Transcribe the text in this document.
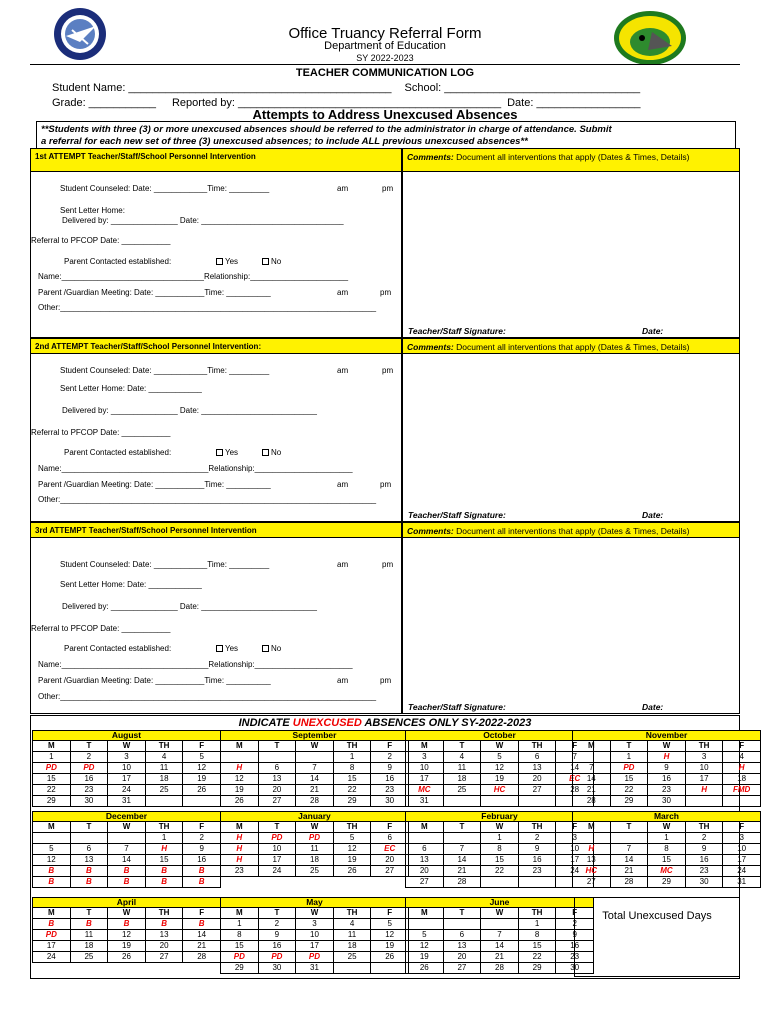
Office Truancy Referral Form
Department of Education
SY 2022-2023
TEACHER COMMUNICATION LOG
Student Name: ___________________________________________ School: ________________________________
Grade: ___________ Reported by: ___________________________________________ Date: _________________
Attempts to Address Unexcused Absences
**Students with three (3) or more unexcused absences should be referred to the administrator in charge of attendance. Submit
a referral for each new set of three (3) unexcused absences; to include ALL previous unexcused absences**
1st ATTEMPT Teacher/Staff/School Personnel Intervention	Comments: Document all interventions that apply (Dates & Times, Details)
Student Counseled: Date: ____________Time: _________	am	pm
Sent Letter Home:
Delivered by: _______________ Date: ________________________________
Referral to PFCOP Date: ___________
Parent Contacted established:	Yes	No
Name:________________________________Relationship:______________________
Parent /Guardian Meeting: Date: ___________Time: __________	am	pm
Other:_______________________________________________________________________
Teacher/Staff Signature:	Date:
2nd ATTEMPT Teacher/Staff/School Personnel Intervention:	Comments: Document all interventions that apply (Dates & Times, Details)
Student Counseled: Date: ____________Time: _________	am	pm
Sent Letter Home: Date: ____________
Delivered by: _______________ Date: __________________________
Referral to PFCOP Date: ___________
Parent Contacted established:	Yes	No
Name:_________________________________Relationship:______________________
Parent /Guardian Meeting: Date: ___________Time: __________	am	pm
Other:_______________________________________________________________________
Teacher/Staff Signature:	Date:
3rd ATTEMPT Teacher/Staff/School Personnel Intervention	Comments: Document all interventions that apply (Dates & Times, Details)
Student Counseled: Date: ____________Time: _________	am	pm
Sent Letter Home: Date: ____________
Delivered by: _______________ Date: __________________________
Referral to PFCOP Date: ___________
Parent Contacted established:	Yes	No
Name:_________________________________Relationship:______________________
Parent /Guardian Meeting: Date: ___________Time: __________	am	pm
Other:_______________________________________________________________________
Teacher/Staff Signature:	Date:
INDICATE UNEXCUSED ABSENCES ONLY SY-2022-2023
August				
M	T	W	TH	F
1	2	3	4	5
PD	PD	10	11	12
15	16	17	18	19
22	23	24	25	26
29	30	31		
September				
M	T	W	TH	F
			1	2
H	6	7	8	9
12	13	14	15	16
19	20	21	22	23
26	27	28	29	30
October				
M	T	W	TH	F
3	4	5	6	7
10	11	12	13	14
17	18	19	20	EC
MC	25	HC	27	28
31				
November				
M	T	W	TH	F
	1	H	3	4
7	PD	9	10	H
14	15	16	17	18
21	22	23	H	FMD
28	29	30		
December				
M	T	W	TH	F
			1	2
5	6	7	H	9
12	13	14	15	16
B	B	B	B	B
B	B	B	B	B
January				
M	T	W	TH	F
H	PD	PD	5	6
H	10	11	12	EC
H	17	18	19	20
23	24	25	26	27
February				
M	T	W	TH	F
		1	2	3
6	7	8	9	10
13	14	15	16	17
20	21	22	23	24
27	28			
March				
M	T	W	TH	F
		1	2	3
H	7	8	9	10
13	14	15	16	17
HC	21	MC	23	24
27	28	29	30	31
April				
M	T	W	TH	F
B	B	B	B	B
PD	11	12	13	14
17	18	19	20	21
24	25	26	27	28
May				
M	T	W	TH	F
1	2	3	4	5
8	9	10	11	12
15	16	17	18	19
PD	PD	PD	25	26
29	30	31		
June				
M	T	W	TH	F
			1	2
5	6	7	8	9
12	13	14	15	16
19	20	21	22	23
26	27	28	29	30
Total Unexcused Days
